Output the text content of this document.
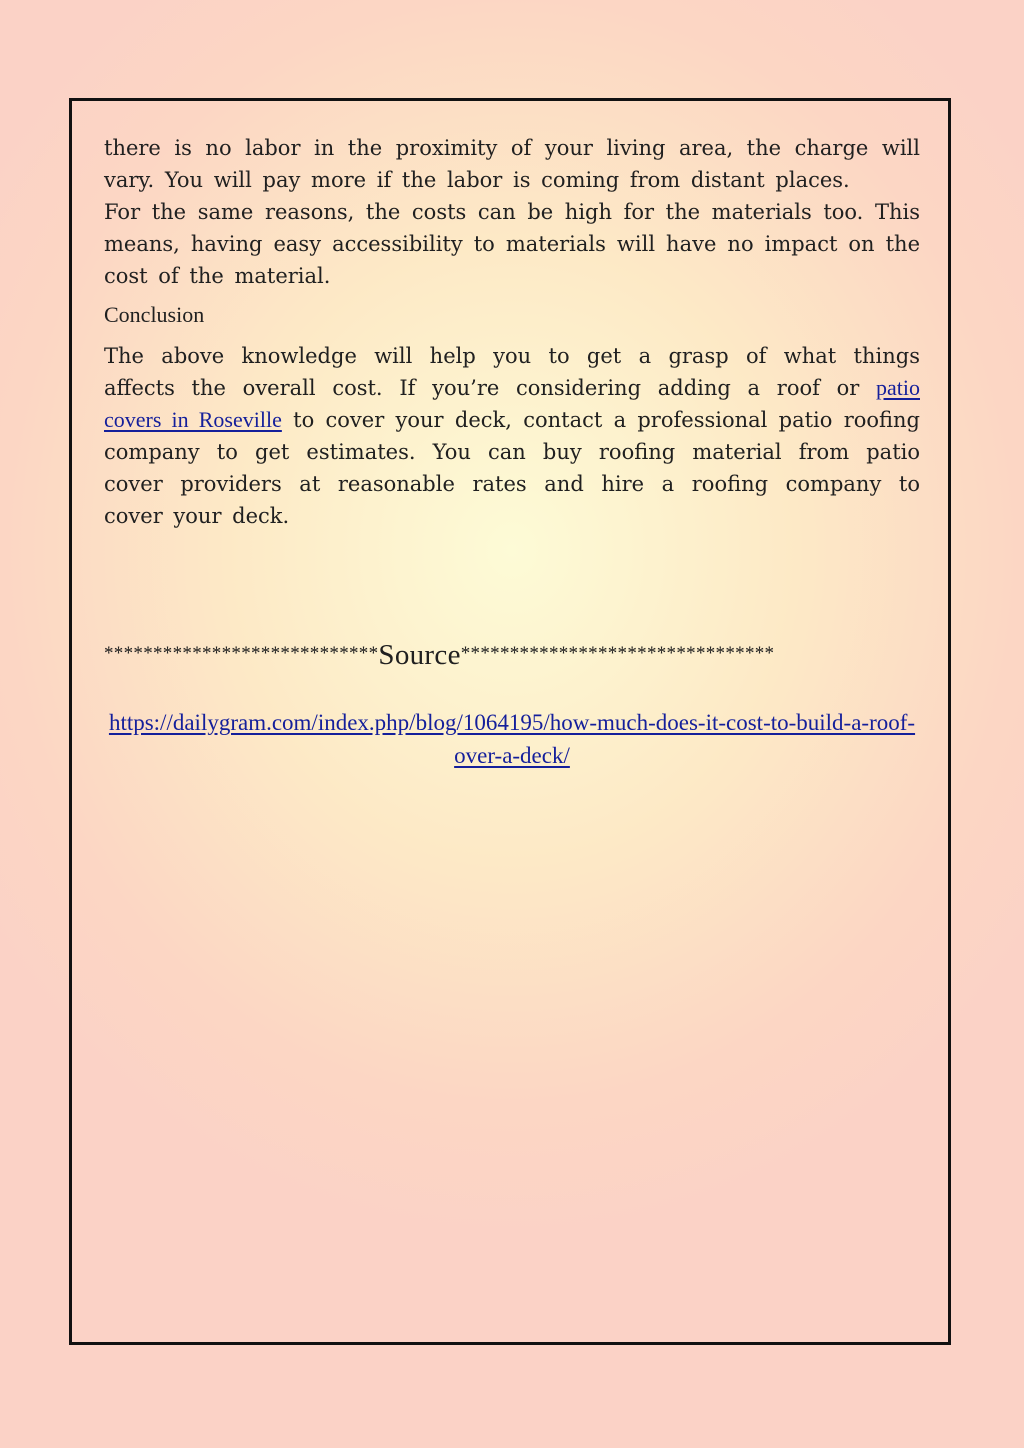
there is no labor in the proximity of your living area, the charge will vary. You will pay more if the labor is coming from distant places.
For the same reasons, the costs can be high for the materials too. This means, having easy accessibility to materials will have no impact on the cost of the material.

Conclusion

The above knowledge will help you to get a grasp of what things affects the overall cost. If you’re considering adding a roof or patio covers in Roseville to cover your deck, contact a professional patio roofing company to get estimates. You can buy roofing material from patio cover providers at reasonable rates and hire a roofing company to cover your deck.

****************************Source********************************
https://dailygram.com/index.php/blog/1064195/how-much-does-it-cost-to-build-a-roof-over-a-deck/
